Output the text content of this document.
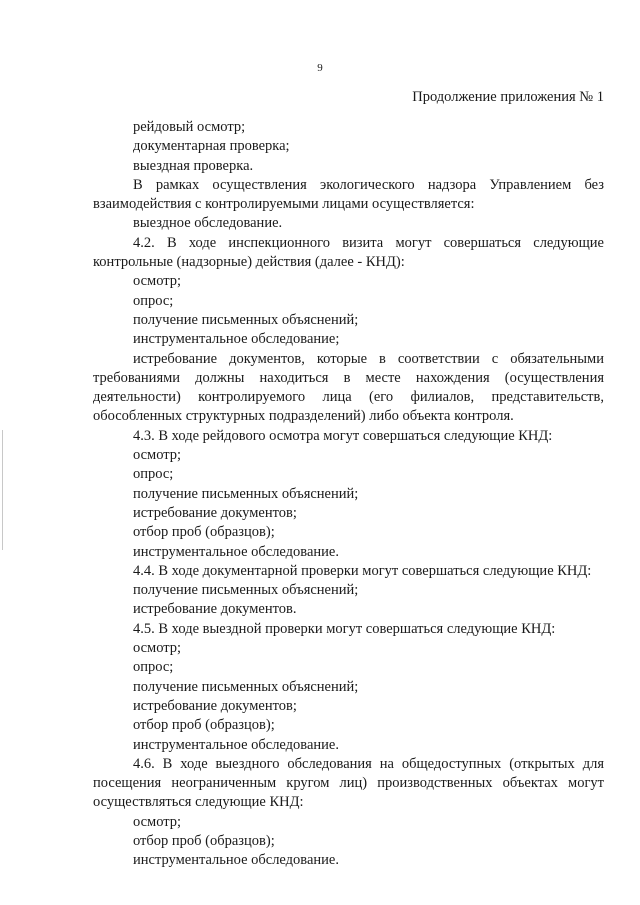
9
Продолжение приложения № 1

рейдовый осмотр;

документарная проверка;

выездная проверка.

В рамках осуществления экологического надзора Управлением без взаимодействия с контролируемыми лицами осуществляется:

выездное обследование.

4.2. В ходе инспекционного визита могут совершаться следующие контрольные (надзорные) действия (далее - КНД):

осмотр;

опрос;

получение письменных объяснений;

инструментальное обследование;

истребование документов, которые в соответствии с обязательными требованиями должны находиться в месте нахождения (осуществления деятельности) контролируемого лица (его филиалов, представительств, обособленных структурных подразделений) либо объекта контроля.

4.3. В ходе рейдового осмотра могут совершаться следующие КНД:

осмотр;

опрос;

получение письменных объяснений;

истребование документов;

отбор проб (образцов);

инструментальное обследование.

4.4. В ходе документарной проверки могут совершаться следующие КНД:

получение письменных объяснений;

истребование документов.

4.5. В ходе выездной проверки могут совершаться следующие КНД:

осмотр;

опрос;

получение письменных объяснений;

истребование документов;

отбор проб (образцов);

инструментальное обследование.

4.6. В ходе выездного обследования на общедоступных (открытых для посещения неограниченным кругом лиц) производственных объектах могут осуществляться следующие КНД:

осмотр;

отбор проб (образцов);

инструментальное обследование.
